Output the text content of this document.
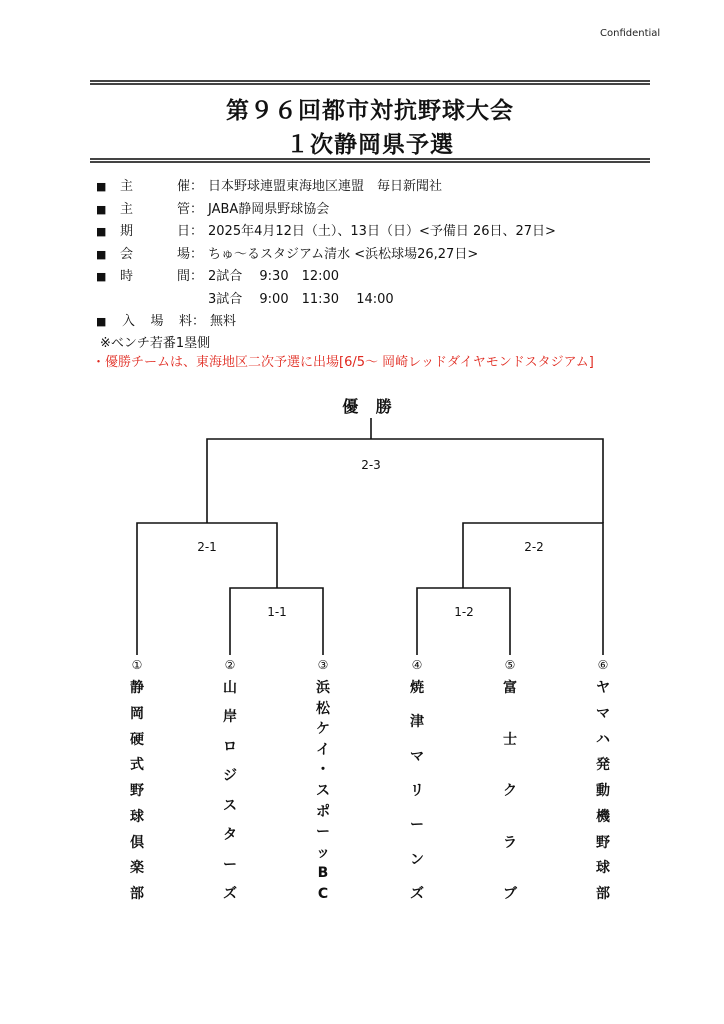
Confidential
第９６回都市対抗野球大会
１次静岡県予選
■	主	催 ： 日本野球連盟東海地区連盟　毎日新聞社
■	主	管 ： JABA静岡県野球協会
■	期	日 ： 2025年4月12日（土）、13日（日）<予備日 26日、27日>
■	会	場 ： ちゅ～るスタジアム清水 <浜松球場26,27日>
■	時	間 ： 2試合　 9:30　12:00
3試合　 9:00　11:30　 14:00
■	入 場 料 ： 無料
※ベンチ若番1塁側
・優勝チームは、東海地区二次予選に出場[6/5～ 岡崎レッドダイヤモンドスタジアム]
優 勝
2-3
2-1	2-2
1-1	1-2
①
静
岡
硬
式
野
球
倶
楽
部
②
山
岸
ロ
ジ
ス
タ
ー
ズ
③
浜
松
ケ
イ
・
ス
ポ
ー
ッ
B
C
④
焼
津
マ
リ
ー
ン
ズ
⑤
富
士
ク
ラ
ブ
⑥
ヤ
マ
ハ
発
動
機
野
球
部
